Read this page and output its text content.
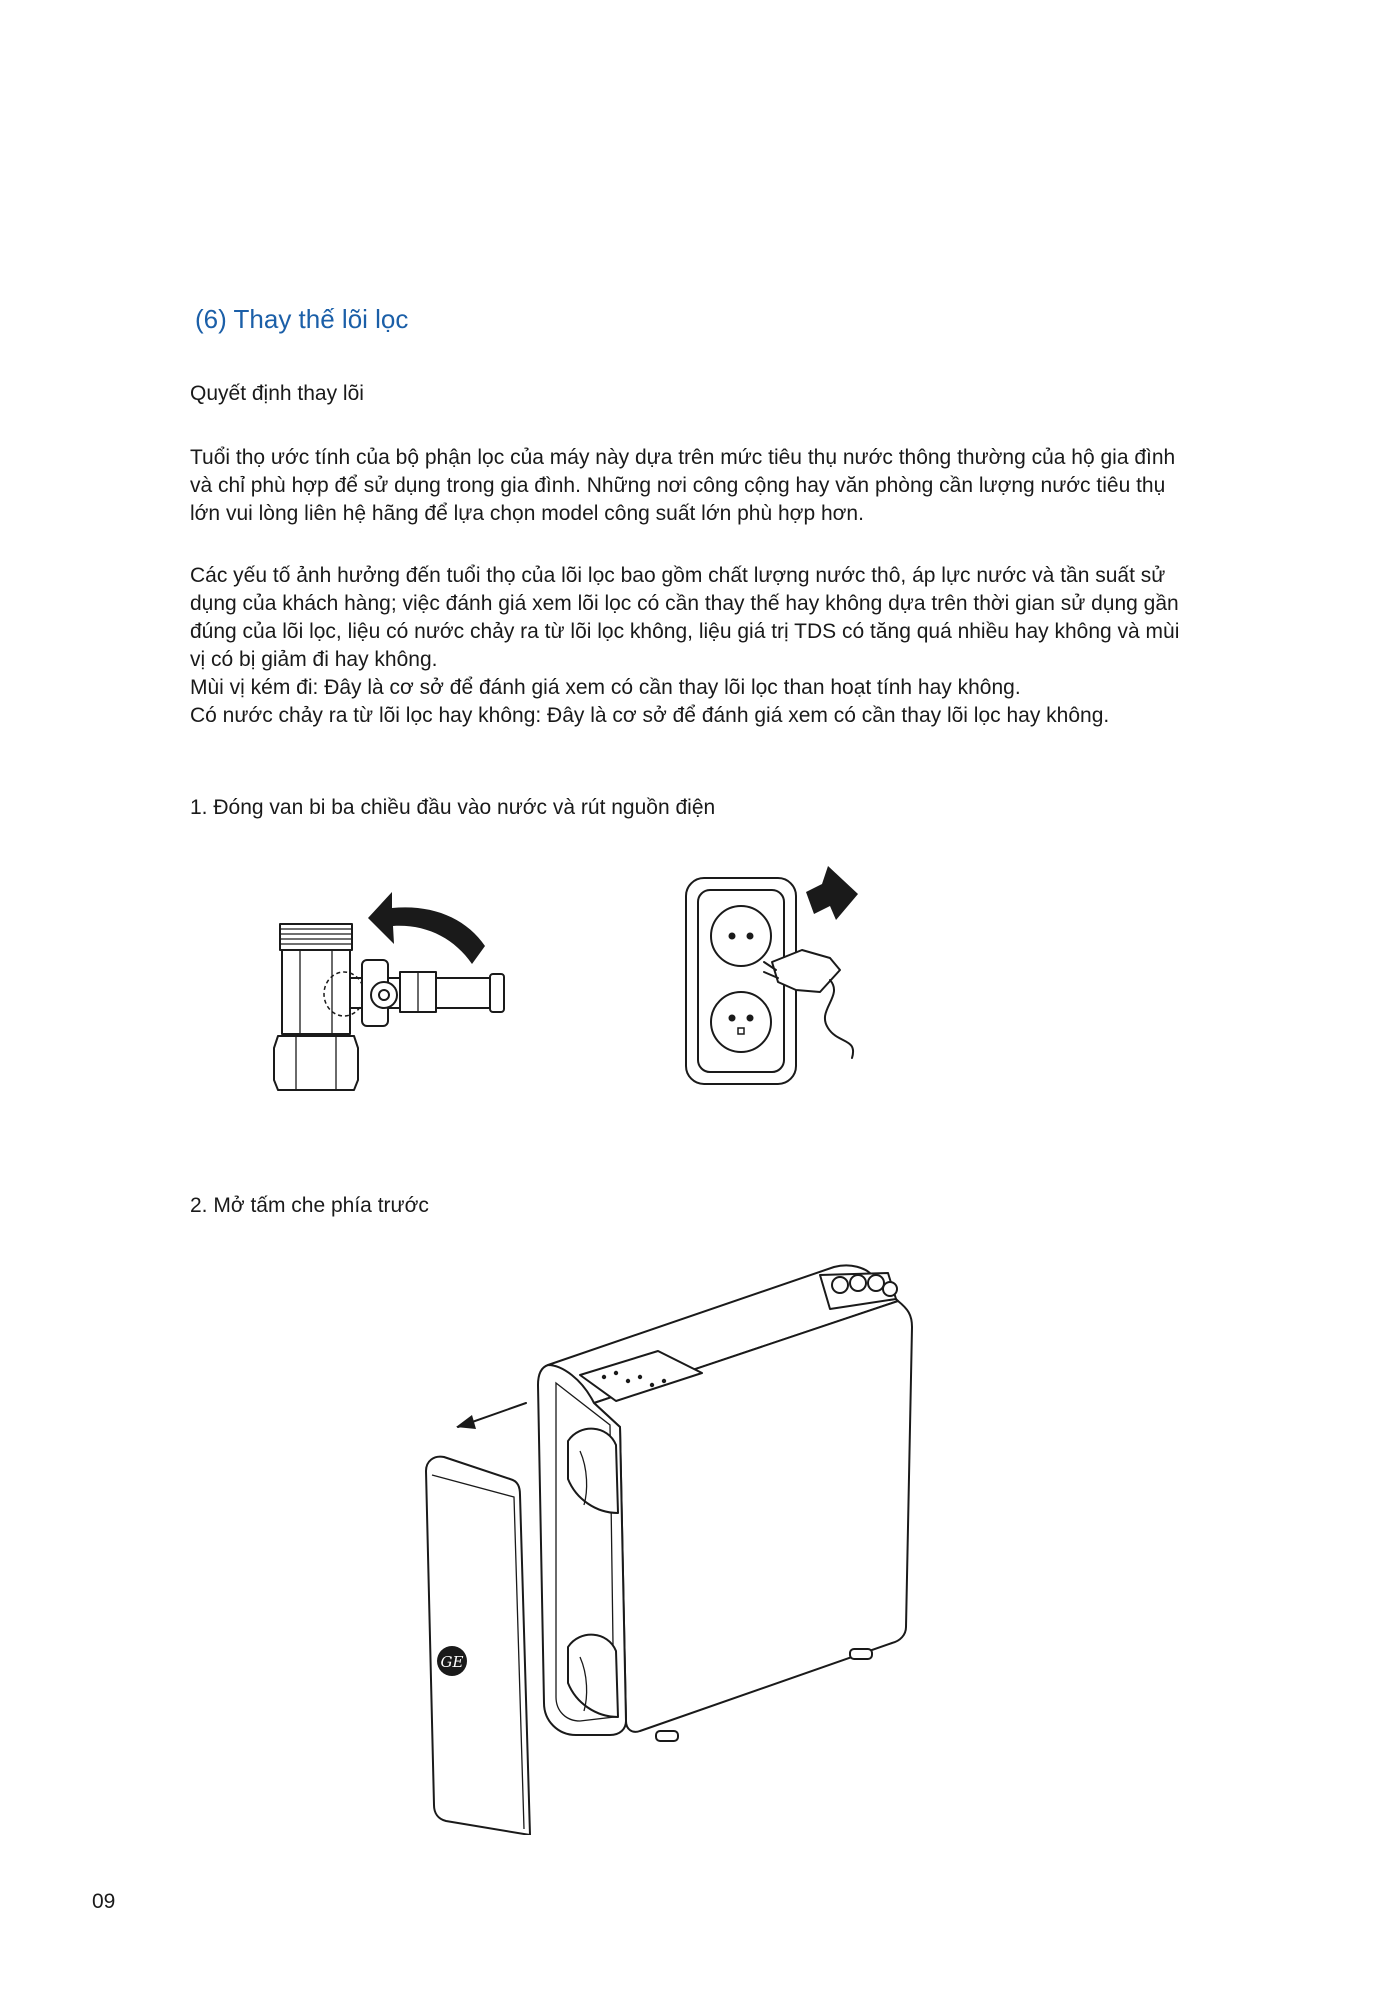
(6) Thay thế lõi lọc
Quyết định thay lõi

Tuổi thọ ước tính của bộ phận lọc của máy này dựa trên mức tiêu thụ nước thông thường của hộ gia đình

và chỉ phù hợp để sử dụng trong gia đình. Những nơi công cộng hay văn phòng cần lượng nước tiêu thụ

lớn vui lòng liên hệ hãng để lựa chọn model công suất lớn phù hợp hơn.

Các yếu tố ảnh hưởng đến tuổi thọ của lõi lọc bao gồm chất lượng nước thô, áp lực nước và tần suất sử

dụng của khách hàng; việc đánh giá xem lõi lọc có cần thay thế hay không dựa trên thời gian sử dụng gần

đúng của lõi lọc, liệu có nước chảy ra từ lõi lọc không, liệu giá trị TDS có tăng quá nhiều hay không và mùi

vị có bị giảm đi hay không.

Mùi vị kém đi: Đây là cơ sở để đánh giá xem có cần thay lõi lọc than hoạt tính hay không.

Có nước chảy ra từ lõi lọc hay không: Đây là cơ sở để đánh giá xem có cần thay lõi lọc hay không.

1. Đóng van bi ba chiều đầu vào nước và rút nguồn điện
2. Mở tấm che phía trước
GE
09
